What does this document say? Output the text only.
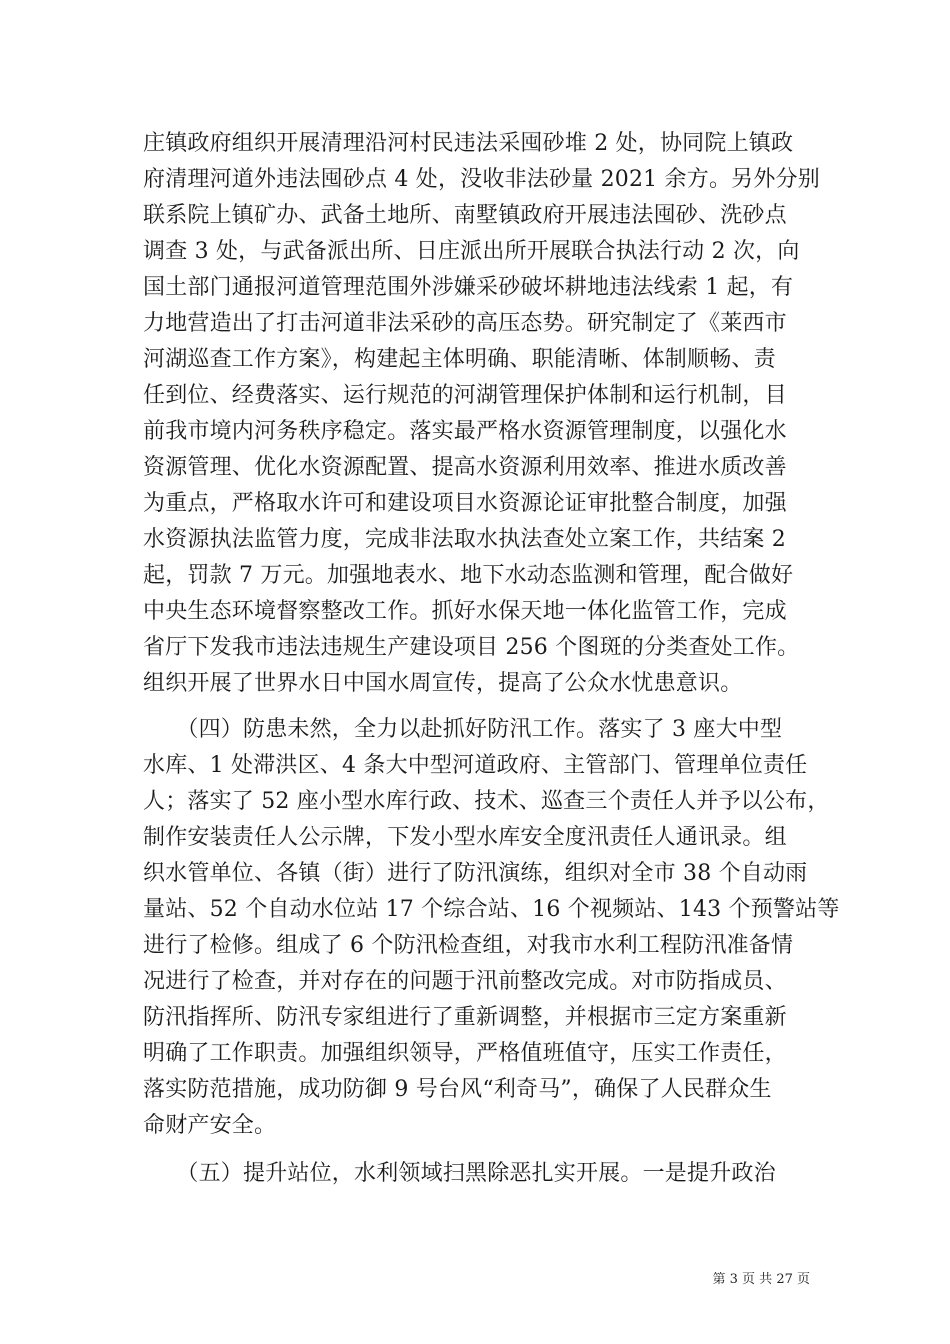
庄镇政府组织开展清理沿河村民违法采囤砂堆 2 处，协同院上镇政
府清理河道外违法囤砂点 4 处，没收非法砂量 2021 余方。另外分别
联系院上镇矿办、武备土地所、南墅镇政府开展违法囤砂、洗砂点
调查 3 处，与武备派出所、日庄派出所开展联合执法行动 2 次，向
国土部门通报河道管理范围外涉嫌采砂破坏耕地违法线索 1 起，有
力地营造出了打击河道非法采砂的高压态势。研究制定了《莱西市
河湖巡查工作方案》，构建起主体明确、职能清晰、体制顺畅、责
任到位、经费落实、运行规范的河湖管理保护体制和运行机制，目
前我市境内河务秩序稳定。落实最严格水资源管理制度，以强化水
资源管理、优化水资源配置、提高水资源利用效率、推进水质改善
为重点，严格取水许可和建设项目水资源论证审批整合制度，加强
水资源执法监管力度，完成非法取水执法查处立案工作，共结案 2
起，罚款 7 万元。加强地表水、地下水动态监测和管理，配合做好
中央生态环境督察整改工作。抓好水保天地一体化监管工作，完成
省厅下发我市违法违规生产建设项目 256 个图斑的分类查处工作。
组织开展了世界水日中国水周宣传，提高了公众水忧患意识。
　　（四）防患未然，全力以赴抓好防汛工作。落实了 3 座大中型
水库、1 处滞洪区、4 条大中型河道政府、主管部门、管理单位责任
人；落实了 52 座小型水库行政、技术、巡查三个责任人并予以公布，
制作安装责任人公示牌，下发小型水库安全度汛责任人通讯录。组
织水管单位、各镇（街）进行了防汛演练，组织对全市 38 个自动雨
量站、52 个自动水位站 17 个综合站、16 个视频站、143 个预警站等
进行了检修。组成了 6 个防汛检查组，对我市水利工程防汛准备情
况进行了检查，并对存在的问题于汛前整改完成。对市防指成员、
防汛指挥所、防汛专家组进行了重新调整，并根据市三定方案重新
明确了工作职责。加强组织领导，严格值班值守，压实工作责任，
落实防范措施，成功防御 9 号台风“利奇马”，确保了人民群众生
命财产安全。
　　（五）提升站位，水利领域扫黑除恶扎实开展。一是提升政治
第 3 页 共 27 页
